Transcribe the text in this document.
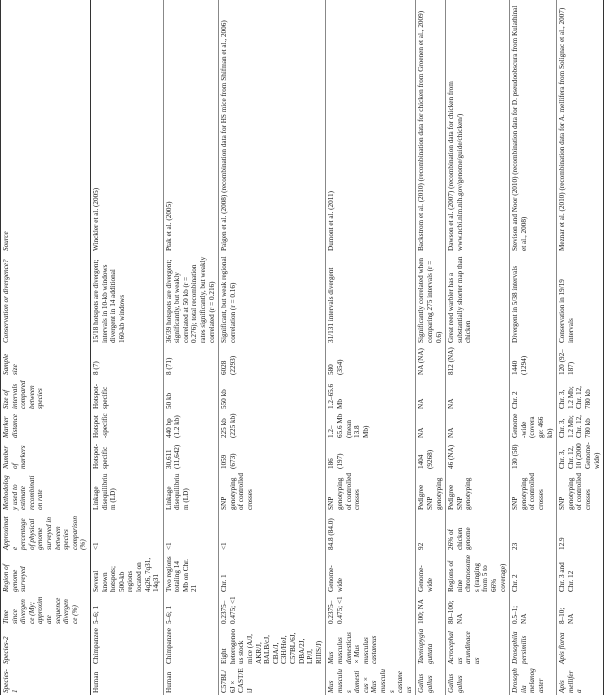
Species-1	Species-2	Time since divergence (My; approximate sequence divergence (%)	Region of genome surveyed	Approximate percentage of physical genome surveyed in between species comparison (%)	Methodology used to estimate recombination rate	Number of markers	Marker distance	Size of intervals compared between species	Sample size	Conservation or divergence?	Source
Human	Chimpanzee	5–6; 1	Several known hotspots; 500-kb regions located on 4q26, 7q31, 14q31	<1	Linkage disequilibrium (LD)	Hotspot-specific	Hotspot-specific	Hotspot-specific	8 (7)	15/18 hotspots are divergent; intervals in 10-kb windows divergent in 14 additional 160-kb windows	Winckler et al. (2005)
Human	Chimpanzee	5–6; 1	Two regions totaling 14 Mb on Chr. 21	<1	Linkage disequilibrium (LD)	30,611 (11,642)	440 bp (1.2 kb)	50 kb	8 (71)	36/39 hotspots are divergent; significantly, but weakly correlated at 50 kb (r = 0.276); total recombination rates significantly, but weakly correlated (r = 0.216)	Ptak et al. (2005)
C57BL/6J × CAST/EiJ	Eight heterogeneous stock mice (A/J, AKR/J, BALB/cJ, CBA/J, C3H/HeJ, C57BL/6J, DBA/2J, LP/J, RIIIS/J)	0.2375–0.475; <1	Chr. 1	<1	SNP genotyping of controlled crosses	1059 (673)	225 kb (225 kb)	550 kb	6028 (2293)	Significant, but weak regional correlation (r = 0.16)	Paigen et al. (2008) (recombination data for HS mice from Shifman et al., 2006)
Mus musculus domesticus × Mus musculus castaneus	Mus musculus domesticus × Mus musculus castaneus	0.2375–0.475; <1	Genome-wide	84.8 (84.0)	SNP genotyping of controlled crosses	186 (197)	1.2–65.6 Mb (mean 13.8 Mb)	1.2–65.6 Mb	580 (354)	31/131 intervals divergent	Dumont et al. (2011)
Gallus gallus	Taeniopygia guttata	100; NA	Genome-wide	92	Pedigree SNP genotyping	1404 (9268)	NA	NA	NA (NA)	Significantly correlated when comparing 275 intervals (r = 0.6)	Backstrom et al. (2010) (recombination data for chicken from Groenen et al., 2009)
Gallus gallus	Acrocephalus arundinaceus	80–100; NA	Regions of nine chromosomes (ranging from 5 to 66% coverage)	26% of chicken genome	Pedigree SNP genotyping	46 (NA)	NA	NA	812 (NA)	Great reed warbler has a substantially shorter map than chicken	Dawson et al. (2007) (recombination data for chicken from www.ncbi.nlm.nih.gov/genome/guide/chicken/)
Drosophila melanogaster	Drosophila persimilis	0.5–1; NA	Chr. 2	23	SNP genotyping of controlled crosses	130 (58)	Genome-wide (coverage: 466 kb)	Chr. 2	1440 (1294)	Divergent in 5/38 intervals	Stevison and Noor (2010) (recombination data for D. pseudoobscura from Kulathinal et al., 2008)
Apis mellifera	Apis florea	8–10; NA	Chr. 3 and Chr. 12	12.9	SNP genotyping of controlled crosses	Chr. 3, Chr. 12, 10 (2000 Genome-wide)	Chr. 3, 1.2 Mb; Chr. 12, 780 kb	Chr. 3, 1.2 Mb; Chr. 12, 780 kb	120 (92–187)	Conservation in 19/19 intervals	Meznar et al. (2010) (recombination data for A. mellifera from Solignac et al., 2007)
